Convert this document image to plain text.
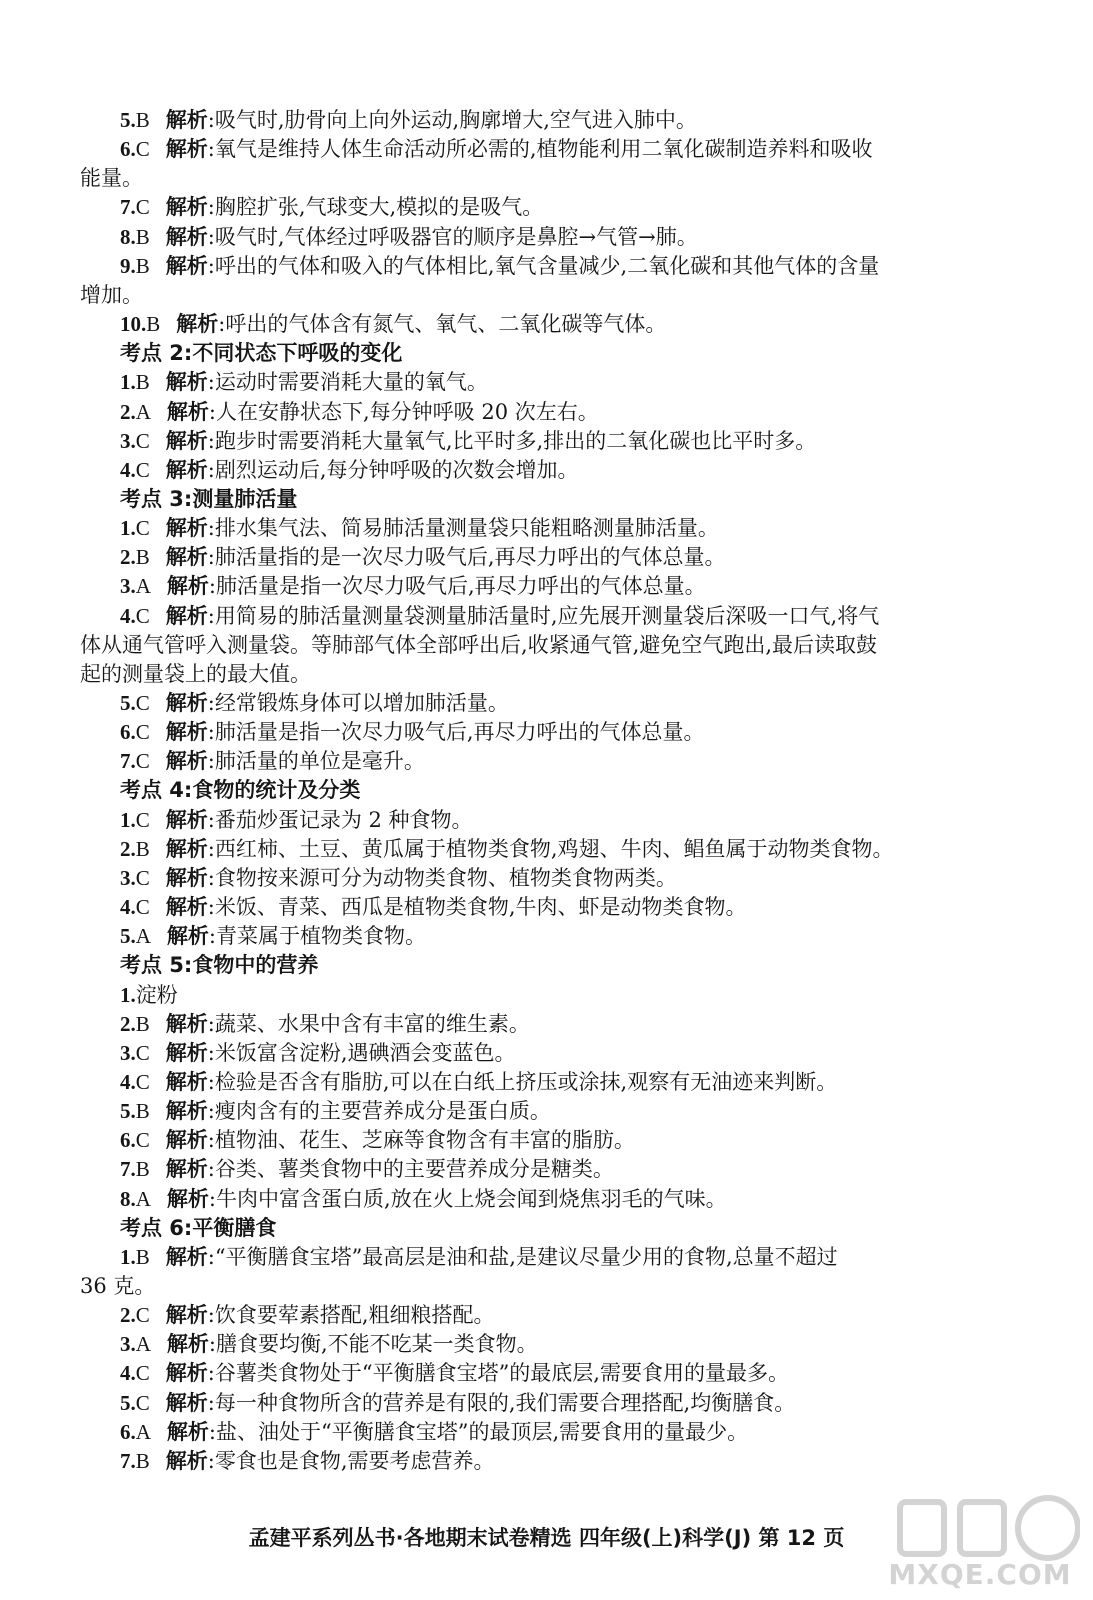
5.B 解析:吸气时,肋骨向上向外运动,胸廓增大,空气进入肺中。
6.C 解析:氧气是维持人体生命活动所必需的,植物能利用二氧化碳制造养料和吸收
能量。
7.C 解析:胸腔扩张,气球变大,模拟的是吸气。
8.B 解析:吸气时,气体经过呼吸器官的顺序是鼻腔→气管→肺。
9.B 解析:呼出的气体和吸入的气体相比,氧气含量减少,二氧化碳和其他气体的含量
增加。
10.B 解析:呼出的气体含有氮气、氧气、二氧化碳等气体。
考点 2:不同状态下呼吸的变化
1.B 解析:运动时需要消耗大量的氧气。
2.A 解析:人在安静状态下,每分钟呼吸 20 次左右。
3.C 解析:跑步时需要消耗大量氧气,比平时多,排出的二氧化碳也比平时多。
4.C 解析:剧烈运动后,每分钟呼吸的次数会增加。
考点 3:测量肺活量
1.C 解析:排水集气法、简易肺活量测量袋只能粗略测量肺活量。
2.B 解析:肺活量指的是一次尽力吸气后,再尽力呼出的气体总量。
3.A 解析:肺活量是指一次尽力吸气后,再尽力呼出的气体总量。
4.C 解析:用简易的肺活量测量袋测量肺活量时,应先展开测量袋后深吸一口气,将气
体从通气管呼入测量袋。等肺部气体全部呼出后,收紧通气管,避免空气跑出,最后读取鼓
起的测量袋上的最大值。
5.C 解析:经常锻炼身体可以增加肺活量。
6.C 解析:肺活量是指一次尽力吸气后,再尽力呼出的气体总量。
7.C 解析:肺活量的单位是毫升。
考点 4:食物的统计及分类
1.C 解析:番茄炒蛋记录为 2 种食物。
2.B 解析:西红柿、土豆、黄瓜属于植物类食物,鸡翅、牛肉、鲳鱼属于动物类食物。
3.C 解析:食物按来源可分为动物类食物、植物类食物两类。
4.C 解析:米饭、青菜、西瓜是植物类食物,牛肉、虾是动物类食物。
5.A 解析:青菜属于植物类食物。
考点 5:食物中的营养
1.淀粉
2.B 解析:蔬菜、水果中含有丰富的维生素。
3.C 解析:米饭富含淀粉,遇碘酒会变蓝色。
4.C 解析:检验是否含有脂肪,可以在白纸上挤压或涂抹,观察有无油迹来判断。
5.B 解析:瘦肉含有的主要营养成分是蛋白质。
6.C 解析:植物油、花生、芝麻等食物含有丰富的脂肪。
7.B 解析:谷类、薯类食物中的主要营养成分是糖类。
8.A 解析:牛肉中富含蛋白质,放在火上烧会闻到烧焦羽毛的气味。
考点 6:平衡膳食
1.B 解析:“平衡膳食宝塔”最高层是油和盐,是建议尽量少用的食物,总量不超过
36 克。
2.C 解析:饮食要荤素搭配,粗细粮搭配。
3.A 解析:膳食要均衡,不能不吃某一类食物。
4.C 解析:谷薯类食物处于“平衡膳食宝塔”的最底层,需要食用的量最多。
5.C 解析:每一种食物所含的营养是有限的,我们需要合理搭配,均衡膳食。
6.A 解析:盐、油处于“平衡膳食宝塔”的最顶层,需要食用的量最少。
7.B 解析:零食也是食物,需要考虑营养。
孟建平系列丛书·各地期末试卷精选 四年级(上)科学(J) 第 12 页
MXQE.COM
